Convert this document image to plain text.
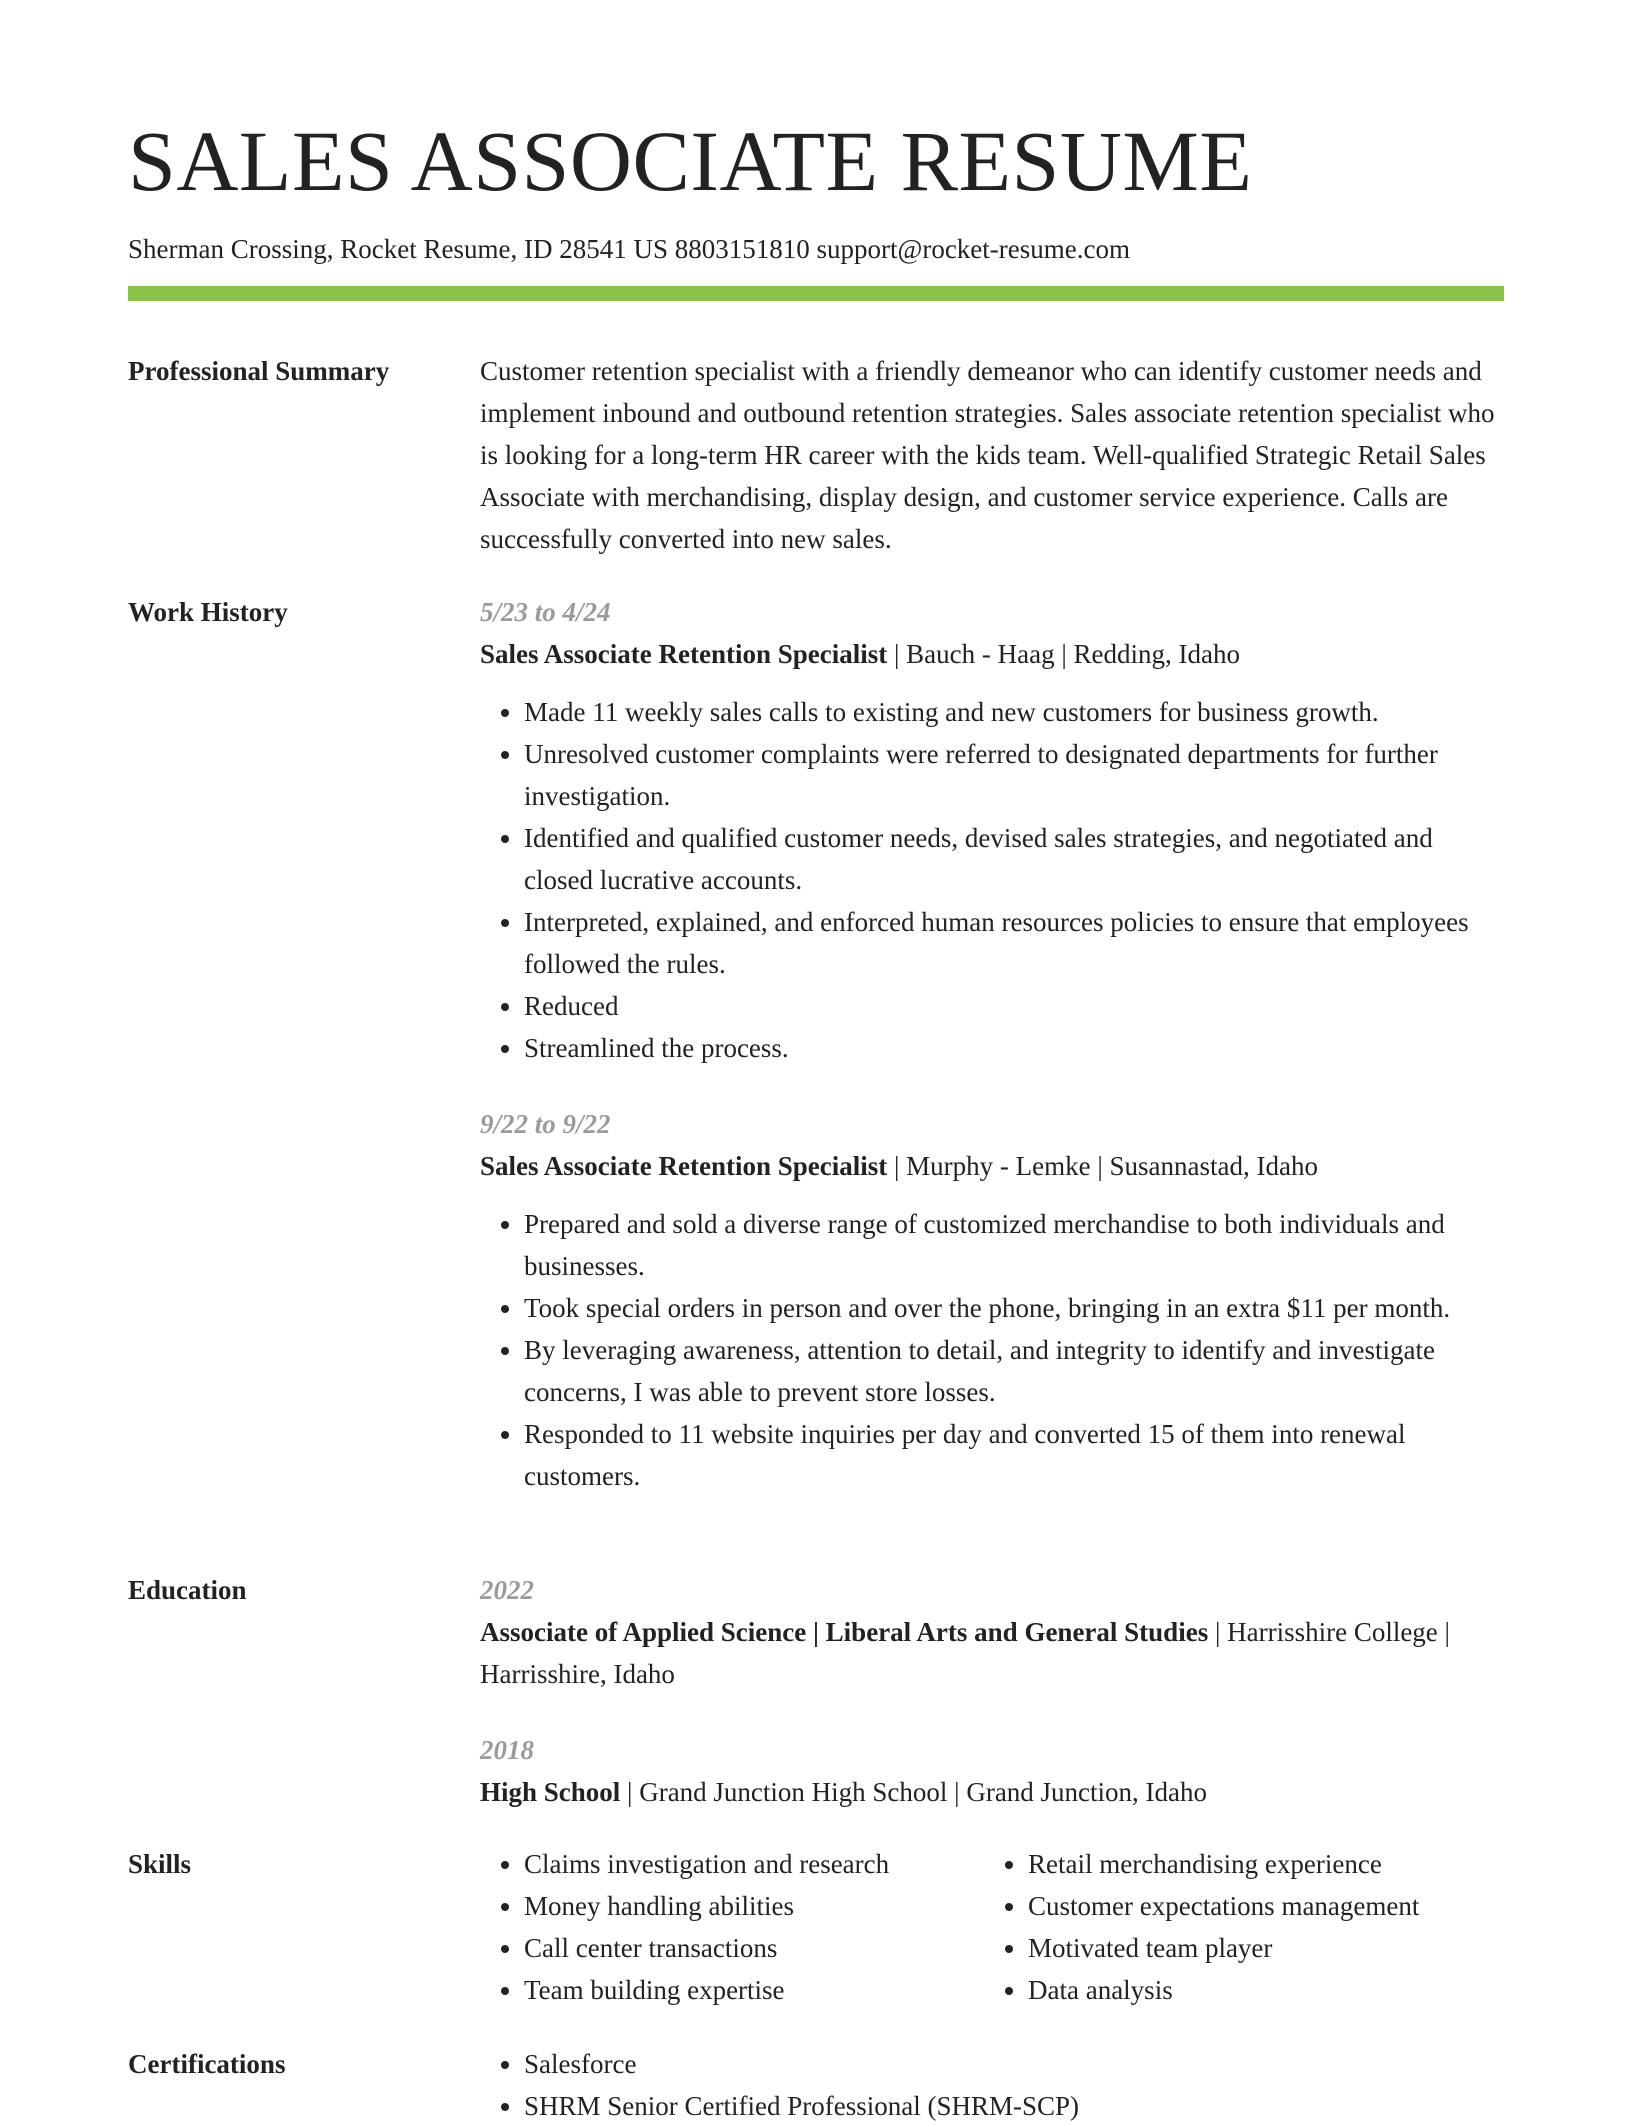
SALES ASSOCIATE RESUME
Sherman Crossing, Rocket Resume, ID 28541 US 8803151810 support@rocket-resume.com
Professional Summary	Customer retention specialist with a friendly demeanor who can identify customer needs and implement inbound and outbound retention strategies. Sales associate retention specialist who is looking for a long-term HR career with the kids team. Well-qualified Strategic Retail Sales Associate with merchandising, display design, and customer service experience. Calls are successfully converted into new sales.

Work History	5/23 to 4/24
Sales Associate Retention Specialist | Bauch - Haag | Redding, Idaho
• Made 11 weekly sales calls to existing and new customers for business growth.
• Unresolved customer complaints were referred to designated departments for further investigation.
• Identified and qualified customer needs, devised sales strategies, and negotiated and closed lucrative accounts.
• Interpreted, explained, and enforced human resources policies to ensure that employees followed the rules.
• Reduced
• Streamlined the process.
9/22 to 9/22
Sales Associate Retention Specialist | Murphy - Lemke | Susannastad, Idaho
• Prepared and sold a diverse range of customized merchandise to both individuals and businesses.
• Took special orders in person and over the phone, bringing in an extra $11 per month.
• By leveraging awareness, attention to detail, and integrity to identify and investigate concerns, I was able to prevent store losses.
• Responded to 11 website inquiries per day and converted 15 of them into renewal customers.
Education	2022
Associate of Applied Science | Liberal Arts and General Studies | Harrisshire College | Harrisshire, Idaho
2018
High School | Grand Junction High School | Grand Junction, Idaho
Skills	• Claims investigation and research
• Money handling abilities
• Call center transactions
• Team building expertise
• Retail merchandising experience
• Customer expectations management
• Motivated team player
• Data analysis
Certifications	• Salesforce
• SHRM Senior Certified Professional (SHRM-SCP)
